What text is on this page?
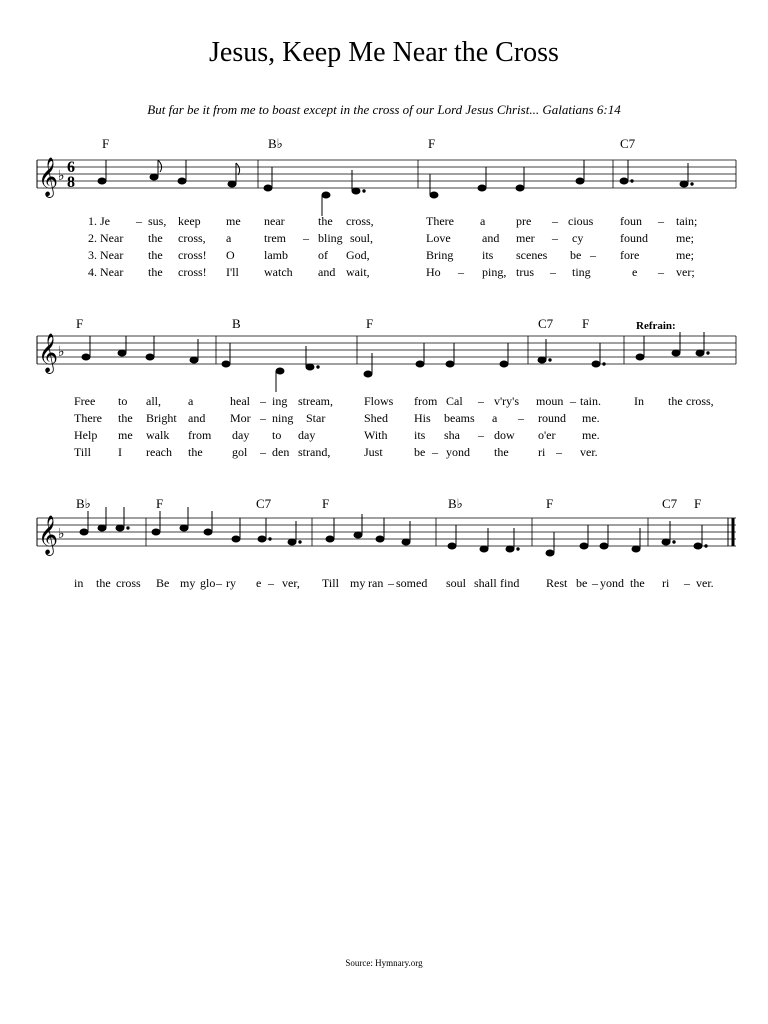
Jesus, Keep Me Near the Cross
But far be it from me to boast except in the cross of our Lord Jesus Christ... Galatians 6:14
𝄞
𝄞
𝄞
♭
♭
♭
6
8
F	B♭	F	C7
1. Je – sus, keep me near	the cross,	There a	pre – cious foun – tain;
2. Near the cross, a	trem – bling soul,	Love	and mer – cy	found me;
3. Near the cross! O lamb	of God,	Bring its scenes be – fore	me;
4. Near the cross! I'll watch and wait,	Ho – ping, trus – ting	e – ver;
F	B	F	C7 F	Refrain:
Free to all, a	heal – ing stream,	Flows from Cal – v'ry's moun – tain.	In the cross,
There the Bright and Mor – ning Star	Shed His beams a – round me.
Help me walk from day to day	With its sha – dow o'er me.
Till I reach the gol – den strand,	Just	be – yond the ri – ver.
B♭	F	C7	F	B♭	F	C7 F
in the cross Be my glo – ry e – ver, Till my ran – somed soul shall find Rest be – yond the ri – ver.
Source: Hymnary.org
